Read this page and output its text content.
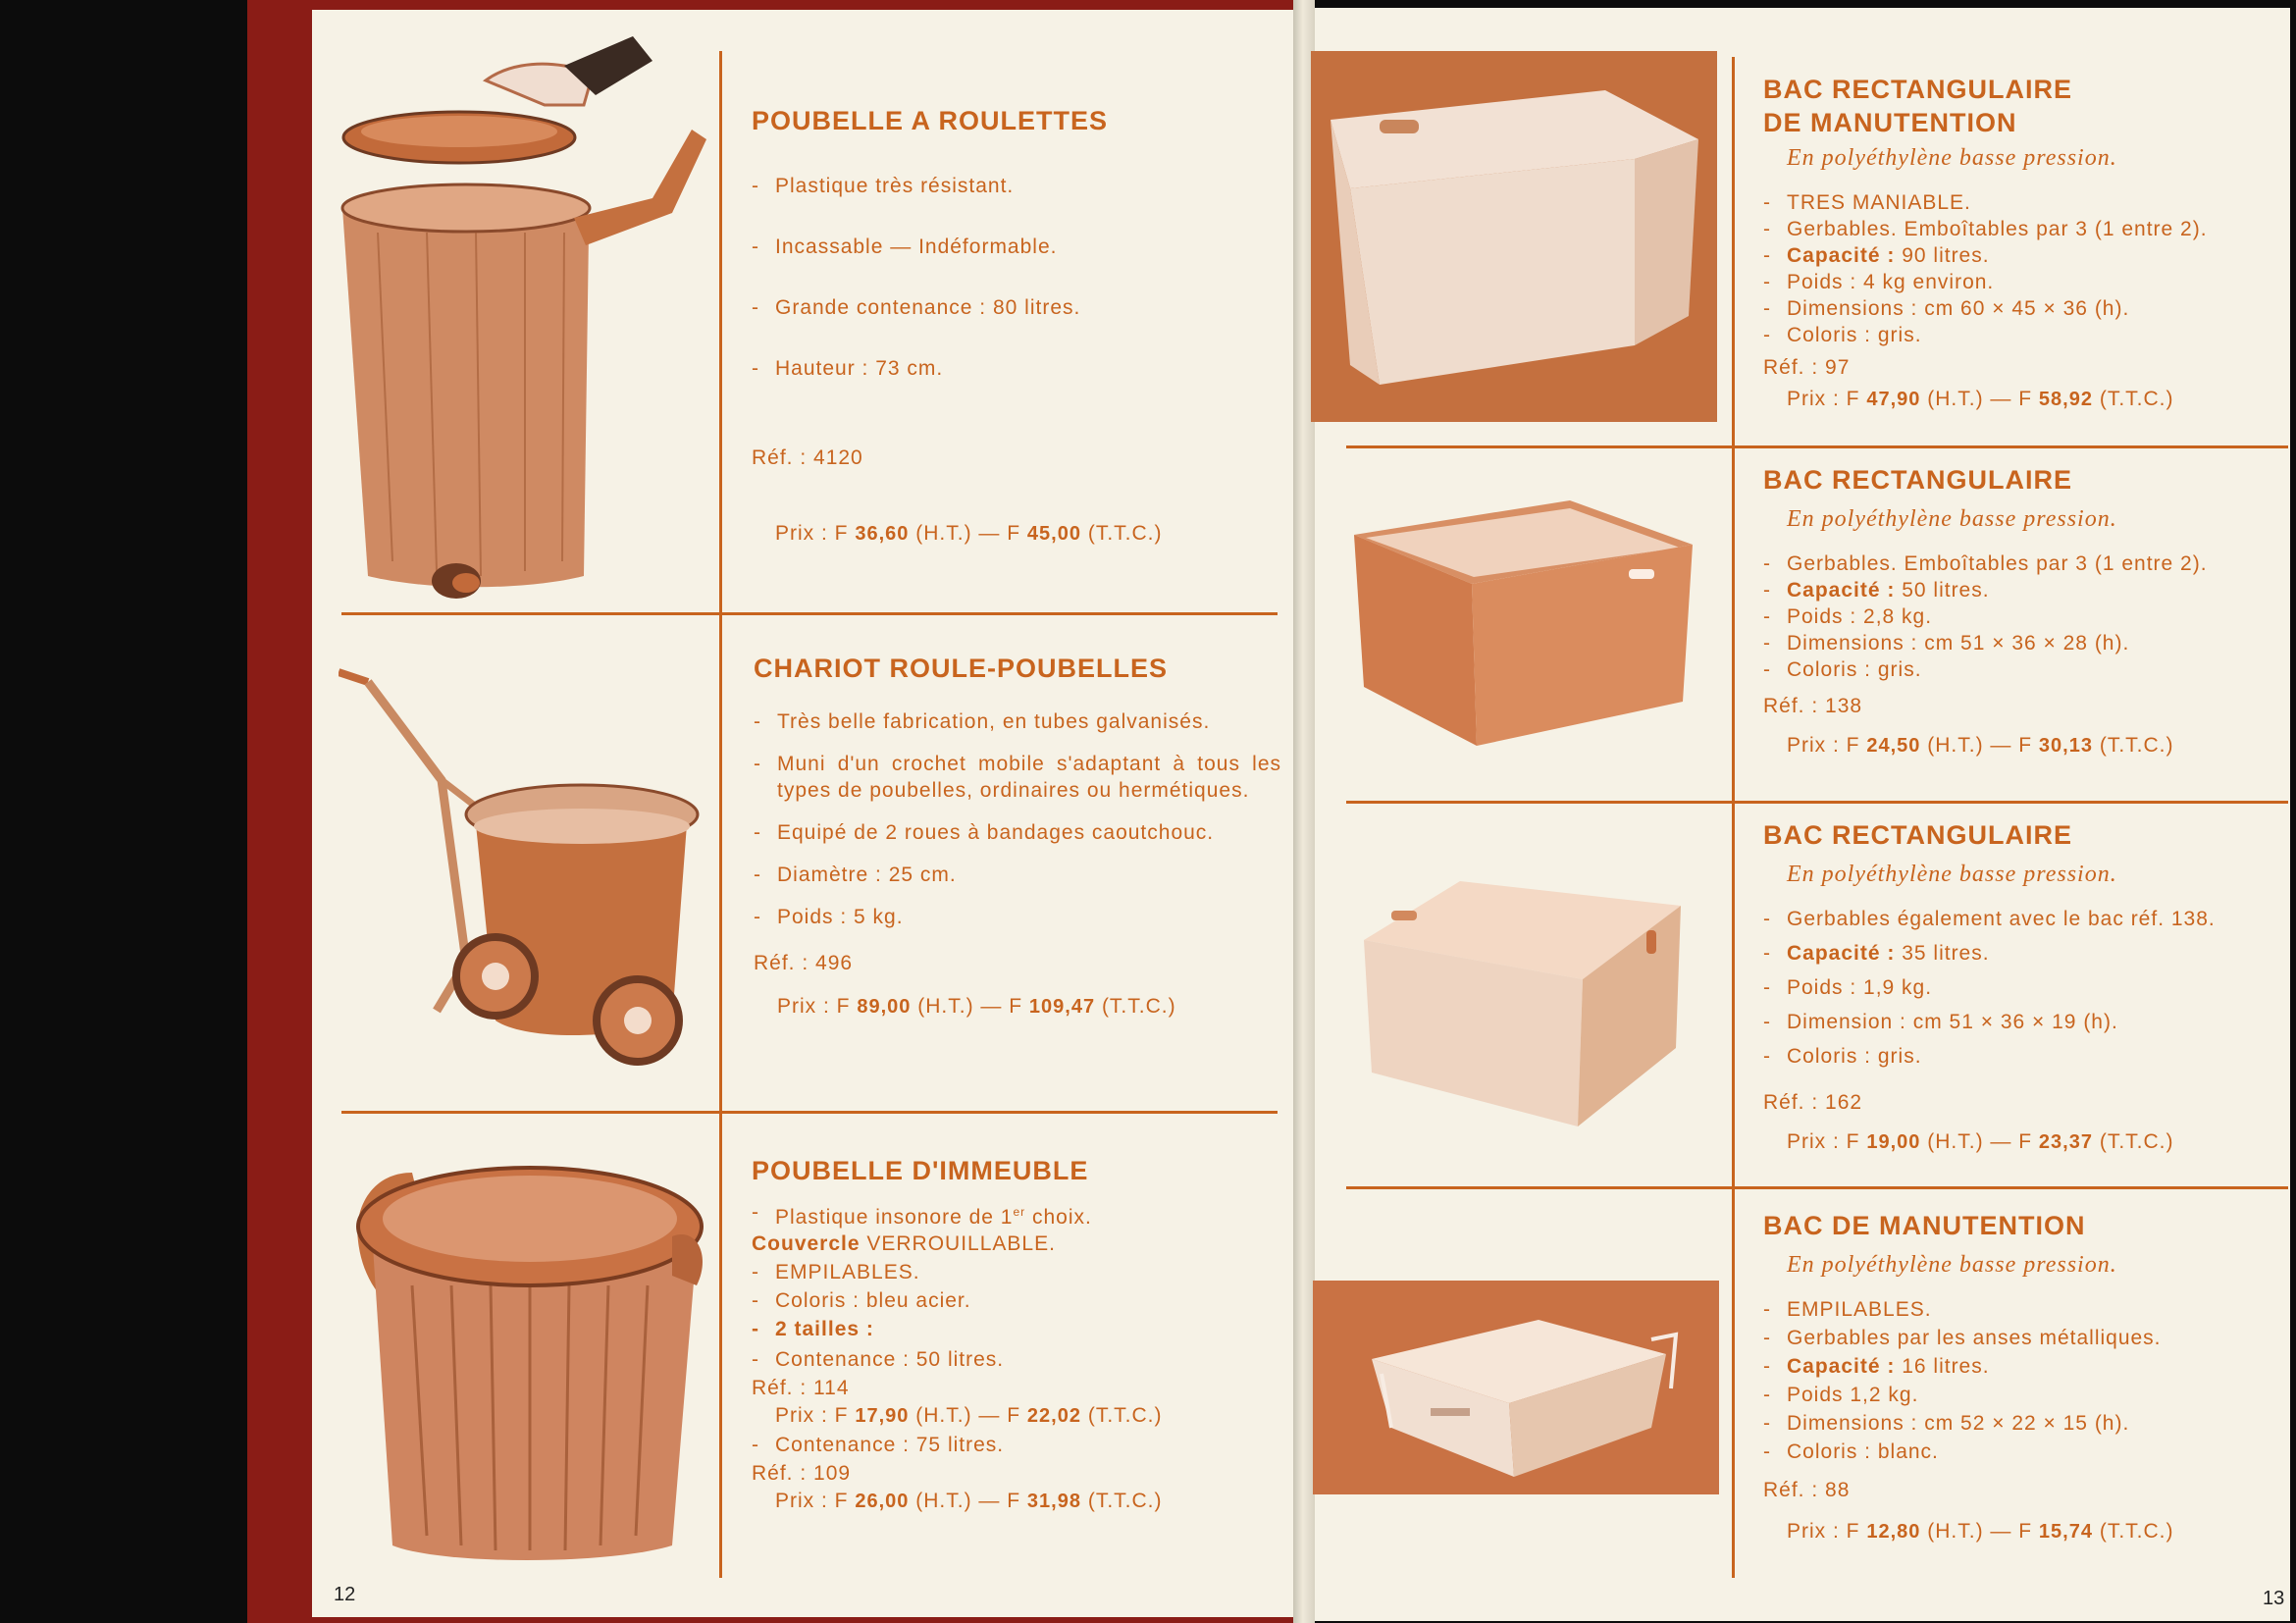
POUBELLE A ROULETTES
- Plastique très résistant.
- Incassable — Indéformable.
- Grande contenance : 80 litres.
- Hauteur : 73 cm.
Réf. : 4120
Prix : F 36,60 (H.T.) — F 45,00 (T.T.C.)
CHARIOT ROULE-POUBELLES
- Très belle fabrication, en tubes galvanisés.
- Muni d'un crochet mobile s'adaptant à tous les types de poubelles, ordinaires ou hermétiques.
- Equipé de 2 roues à bandages caoutchouc.
- Diamètre : 25 cm.
- Poids : 5 kg.
Réf. : 496
Prix : F 89,00 (H.T.) — F 109,47 (T.T.C.)
POUBELLE D'IMMEUBLE
- Plastique insonore de 1er choix.
Couvercle VERROUILLABLE.
- EMPILABLES.
- Coloris : bleu acier.
- 2 tailles :
- Contenance : 50 litres.
Réf. : 114
Prix : F 17,90 (H.T.) — F 22,02 (T.T.C.)
- Contenance : 75 litres.
Réf. : 109
Prix : F 26,00 (H.T.) — F 31,98 (T.T.C.)
BAC RECTANGULAIRE DE MANUTENTION
En polyéthylène basse pression.
- TRES MANIABLE.
- Gerbables. Emboîtables par 3 (1 entre 2).
- Capacité : 90 litres.
- Poids : 4 kg environ.
- Dimensions : cm 60 × 45 × 36 (h).
- Coloris : gris.
Réf. : 97
Prix : F 47,90 (H.T.) — F 58,92 (T.T.C.)
BAC RECTANGULAIRE
En polyéthylène basse pression.
- Gerbables. Emboîtables par 3 (1 entre 2).
- Capacité : 50 litres.
- Poids : 2,8 kg.
- Dimensions : cm 51 × 36 × 28 (h).
- Coloris : gris.
Réf. : 138
Prix : F 24,50 (H.T.) — F 30,13 (T.T.C.)
BAC RECTANGULAIRE
En polyéthylène basse pression.
- Gerbables également avec le bac réf. 138.
- Capacité : 35 litres.
- Poids : 1,9 kg.
- Dimension : cm 51 × 36 × 19 (h).
- Coloris : gris.
Réf. : 162
Prix : F 19,00 (H.T.) — F 23,37 (T.T.C.)
BAC DE MANUTENTION
En polyéthylène basse pression.
- EMPILABLES.
- Gerbables par les anses métalliques.
- Capacité : 16 litres.
- Poids 1,2 kg.
- Dimensions : cm 52 × 22 × 15 (h).
- Coloris : blanc.
Réf. : 88
Prix : F 12,80 (H.T.) — F 15,74 (T.T.C.)
12	13
